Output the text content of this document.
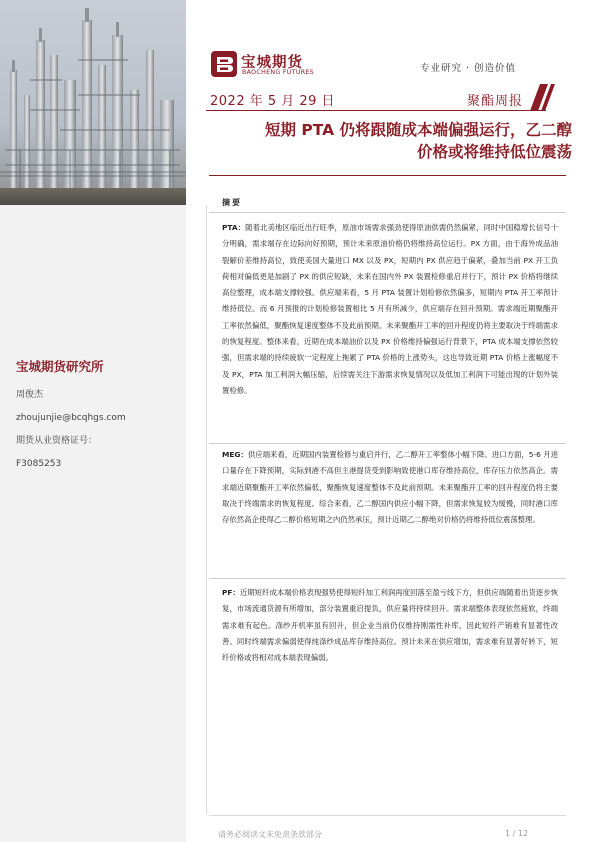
宝城期货研究所

周俊杰

zhoujunjie@bcqhgs.com

期货从业资格证号：

F3085253

宝城期货
BAOCHENG FUTURES	专业研究 · 创造价值
2022 年 5 月 29 日	聚酯周报
短期 PTA 仍将跟随成本端偏强运行，乙二醇
价格或将维持低位震荡
摘要

PTA：随着北美地区临近出行旺季，原油市场需求强劲使得原油供需仍然偏紧，同时中国稳增长信号十分明确，需求端存在边际向好预期，预计未来原油价格仍将维持高位运行。PX 方面，由于海外成品油裂解价差维持高位，致使美国大量进口 MX 以及 PX，短期内 PX 供应趋于偏紧，叠加当前 PX 开工负荷相对偏低更是加剧了 PX 的供应短缺，未来在国内外 PX 装置检修重启并行下，预计 PX 价格将继续高位整理，成本端支撑较强。供应端来看，5 月 PTA 装置计划检修依然偏多，短期内 PTA 开工率预计维持低位。而 6 月预报的计划检修装置相比 5 月有所减少，供应端存在回升预期。需求端近期聚酯开工率依然偏低，聚酯恢复速度整体不及此前预期。未来聚酯开工率的回升程度仍将主要取决于终端需求的恢复程度。整体来看，近期在成本端油价以及 PX 价格维持偏强运行背景下，PTA 成本端支撑依然较强，但需求端的持续疲软一定程度上拖累了 PTA 价格的上涨势头，这也导致近期 PTA 价格上涨幅度不及 PX，PTA 加工利润大幅压缩，后续需关注下游需求恢复情况以及低加工利润下可能出现的计划外装置检修。

MEG：供应端来看，近期国内装置检修与重启并行，乙二醇开工率整体小幅下降。进口方面，5-6 月进口量存在下降预期，实际到港不高但主港提货受到影响致使港口库存维持高位，库存压力依然高企。需求端近期聚酯开工率依然偏低，聚酯恢复速度整体不及此前预期。未来聚酯开工率的回升程度仍将主要取决于终端需求的恢复程度。综合来看，乙二醇国内供应小幅下降，但需求恢复较为缓慢，同时港口库存依然高企使得乙二醇价格短期之内仍然承压，预计近期乙二醇绝对价格仍将维持低位震荡整理。

PF：近期短纤成本端价格表现强势使得短纤加工利润再度回落至盈亏线下方，但供应端随着出货逐步恢复，市场流通货源有所增加，部分装置重启提负，供应量将持续回升。需求端整体表现依然疲软，终端需求难有起色。涤纱开机率虽有回升，但企业当前仍仅维持刚需性补库，因此短纤产销难有显著性改善。同时终端需求偏弱使得纯涤纱成品库存维持高位。预计未来在供应增加，需求难有显著好转下，短纤价格或将相对成本端表现偏弱。

请务必阅读文末免责条款部分	1 / 12
